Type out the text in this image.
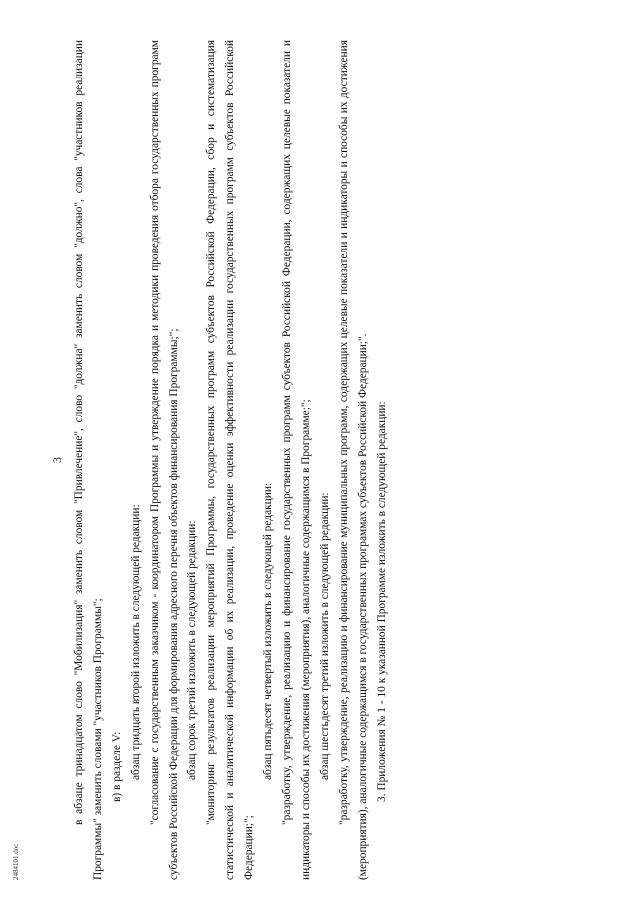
3 в абзаце тринадцатом слово "Мобилизация" заменить словом "Привлечение", слово "должна" заменить словом "должно", слова "участников реализации Программы" заменить словами "участников Программы"; в) в разделе V: абзац тридцать второй изложить в следующей редакции: "согласование с государственным заказчиком - координатором Программы и утверждение порядка и методики проведения отбора государственных программ субъектов Российской Федерации для формирования адресного перечня объектов финансирования Программы;"; абзац сорок третий изложить в следующей редакции: "мониторинг результатов реализации мероприятий Программы, государственных программ субъектов Российской Федерации, сбор и систематизация статистической и аналитической информации об их реализации, проведение оценки эффективности реализации государственных программ субъектов Российской Федерации;";

абзац пятьдесят четвертый изложить в следующей редакции: "разработку, утверждение, реализацию и финансирование государственных программ субъектов Российской Федерации, содержащих целевые показатели и индикаторы и способы их достижения (мероприятия), аналогичные содержащимся в Программе;"; абзац шестьдесят третий изложить в следующей редакции: "разработку, утверждение, реализацию и финансирование муниципальных программ, содержащих целевые показатели и индикаторы и способы их достижения (мероприятия), аналогичные содержащимся в государственных программах субъектов Российской Федерации;". 3. Приложения № 1 - 10 к указанной Программе изложить в следующей редакции:

2484101.doc
